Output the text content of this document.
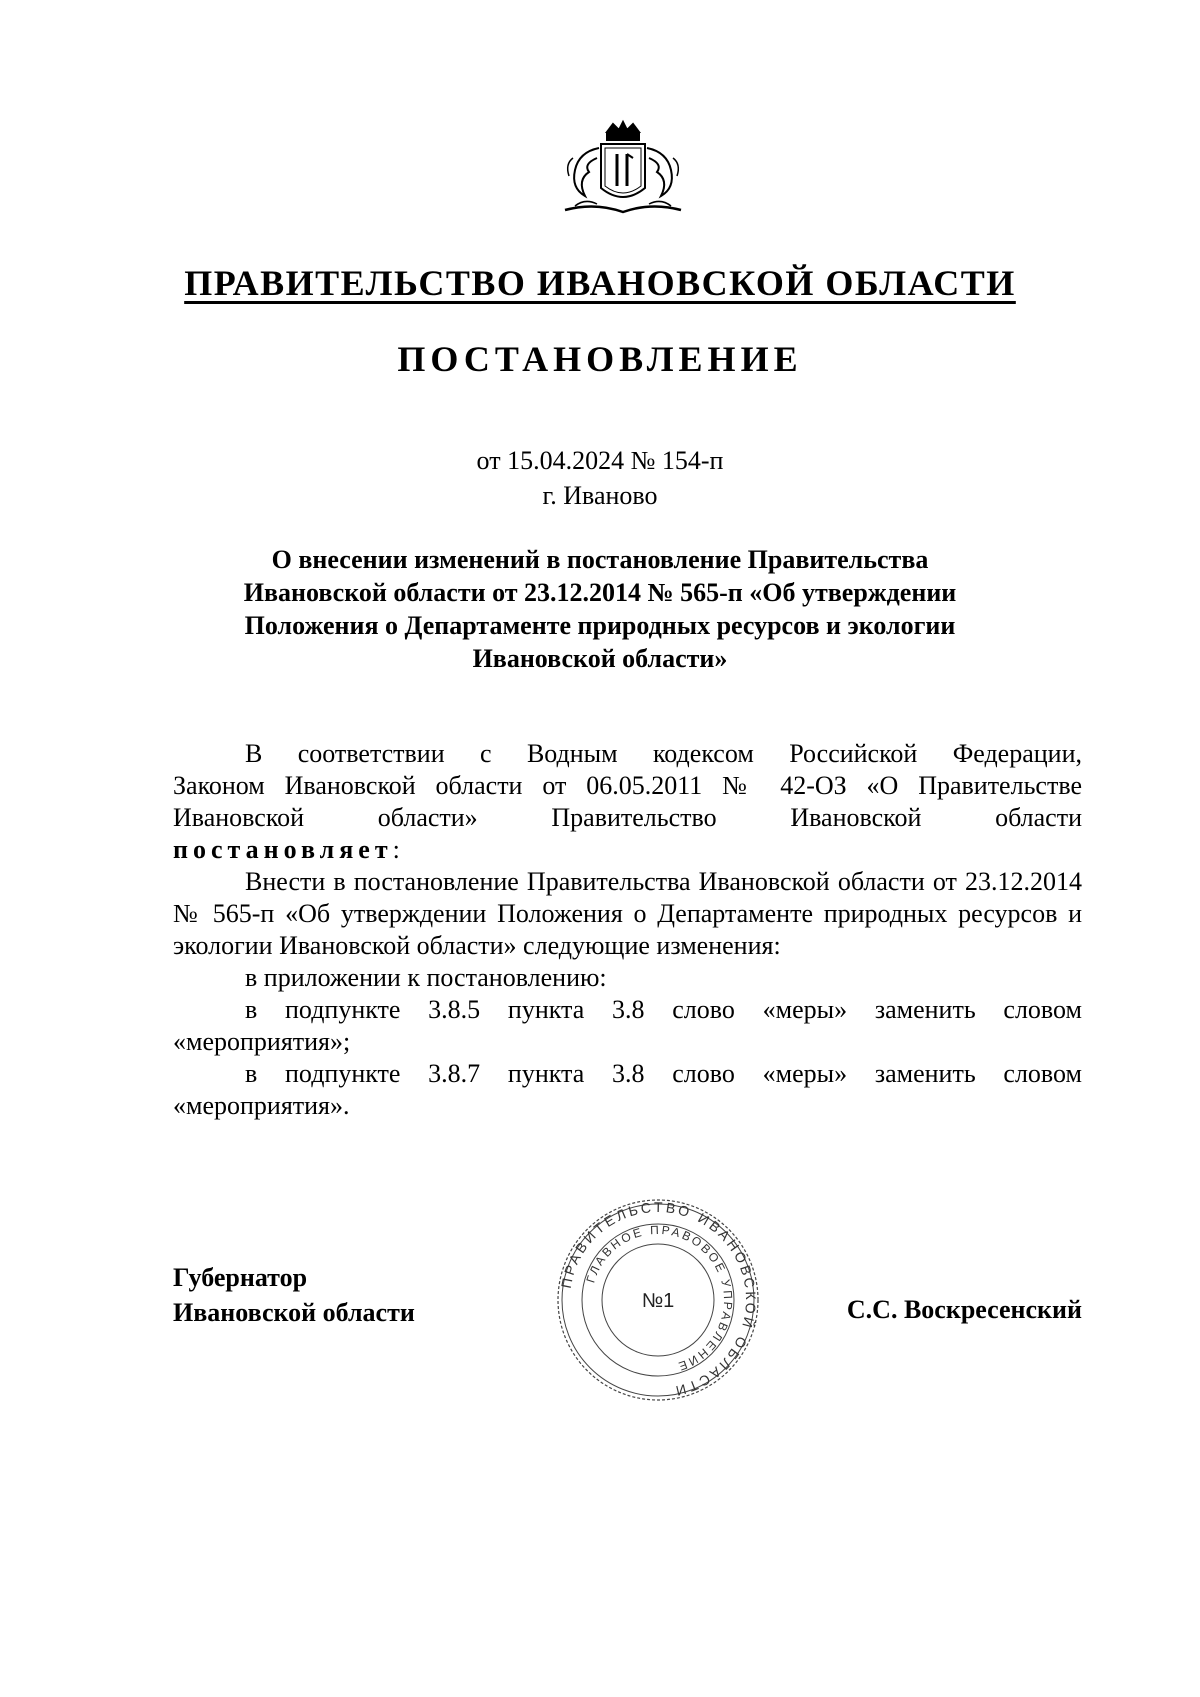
ПРАВИТЕЛЬСТВО ИВАНОВСКОЙ ОБЛАСТИ
ПОСТАНОВЛЕНИЕ
от 15.04.2024 № 154-п
г. Иваново
О внесении изменений в постановление Правительства
Ивановской области от 23.12.2014 № 565-п «Об утверждении
Положения о Департаменте природных ресурсов и экологии
Ивановской области»

В соответствии с Водным кодексом Российской Федерации,

Законом Ивановской области от 06.05.2011 № 42-ОЗ «О Правительстве

Ивановской области» Правительство Ивановской области

постановляет:

Внести в постановление Правительства Ивановской области от 23.12.2014 № 565-п «Об утверждении Положения о Департаменте природных ресурсов и экологии Ивановской области» следующие изменения:

в приложении к постановлению:

в подпункте 3.8.5 пункта 3.8 слово «меры» заменить словом «мероприятия»;

в подпункте 3.8.7 пункта 3.8 слово «меры» заменить словом «мероприятия».

Губернатор
Ивановской области	С.С. Воскресенский
ПРАВИТЕЛЬСТВО ИВАНОВСКОЙ ОБЛАСТИ
ГЛАВНОЕ ПРАВОВОЕ УПРАВЛЕНИЕ
№1
